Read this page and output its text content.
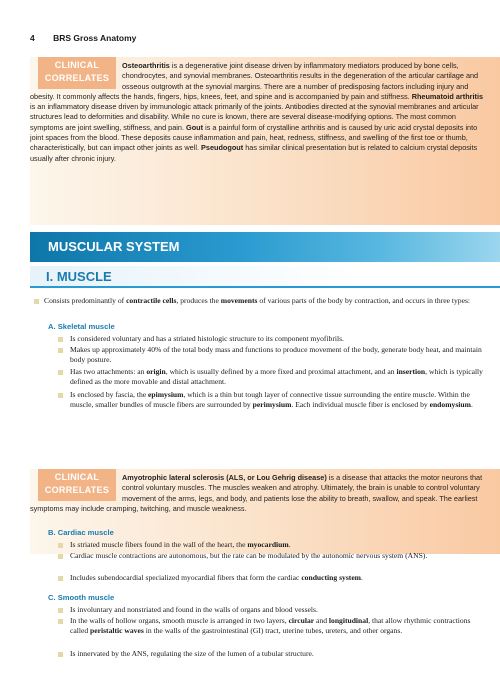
4 BRS Gross Anatomy
CLINICAL
CORRELATES
Osteoarthritis is a degenerative joint disease driven by inflammatory mediators produced by bone cells, chondrocytes, and synovial membranes. Osteoarthritis results in the degeneration of the articular cartilage and osseous outgrowth at the synovial margins. There are a number of predisposing factors including injury and obesity. It commonly affects the hands, fingers, hips, knees, feet, and spine and is accompanied by pain and stiffness. Rheumatoid arthritis is an inflammatory disease driven by immunologic attack primarily of the joints. Antibodies directed at the synovial membranes and articular structures lead to deformities and disability. While no cure is known, there are several disease-modifying options. The most common symptoms are joint swelling, stiffness, and pain. Gout is a painful form of crystalline arthritis and is caused by uric acid crystal deposits into joint spaces from the blood. These deposits cause inflammation and pain, heat, redness, stiffness, and swelling of the first toe or thumb, characteristically, but can impact other joints as well. Pseudogout has similar clinical presentation but is related to calcium crystal deposits usually after chronic injury.
MUSCULAR SYSTEM
I. MUSCLE
Consists predominantly of contractile cells, produces the movements of various parts of the body by contraction, and occurs in three types:
A. Skeletal muscle
Is considered voluntary and has a striated histologic structure to its component myofibrils.
Makes up approximately 40% of the total body mass and functions to produce movement of the body, generate body heat, and maintain body posture.
Has two attachments: an origin, which is usually defined by a more fixed and proximal attachment, and an insertion, which is typically defined as the more movable and distal attachment.
Is enclosed by fascia, the epimysium, which is a thin but tough layer of connective tissue surrounding the entire muscle. Within the muscle, smaller bundles of muscle fibers are surrounded by perimysium. Each individual muscle fiber is enclosed by endomysium.
CLINICAL
CORRELATES
Amyotrophic lateral sclerosis (ALS, or Lou Gehrig disease) is a disease that attacks the motor neurons that control voluntary muscles. The muscles weaken and atrophy. Ultimately, the brain is unable to control voluntary movement of the arms, legs, and body, and patients lose the ability to breath, swallow, and speak. The earliest symptoms may include cramping, twitching, and muscle weakness.
B. Cardiac muscle
Is striated muscle fibers found in the wall of the heart, the myocardium.
Cardiac muscle contractions are autonomous, but the rate can be modulated by the autonomic nervous system (ANS).
Includes subendocardial specialized myocardial fibers that form the cardiac conducting system.
C. Smooth muscle
Is involuntary and nonstriated and found in the walls of organs and blood vessels.
In the walls of hollow organs, smooth muscle is arranged in two layers, circular and longitudinal, that allow rhythmic contractions called peristaltic waves in the walls of the gastrointestinal (GI) tract, uterine tubes, ureters, and other organs.
Is innervated by the ANS, regulating the size of the lumen of a tubular structure.
